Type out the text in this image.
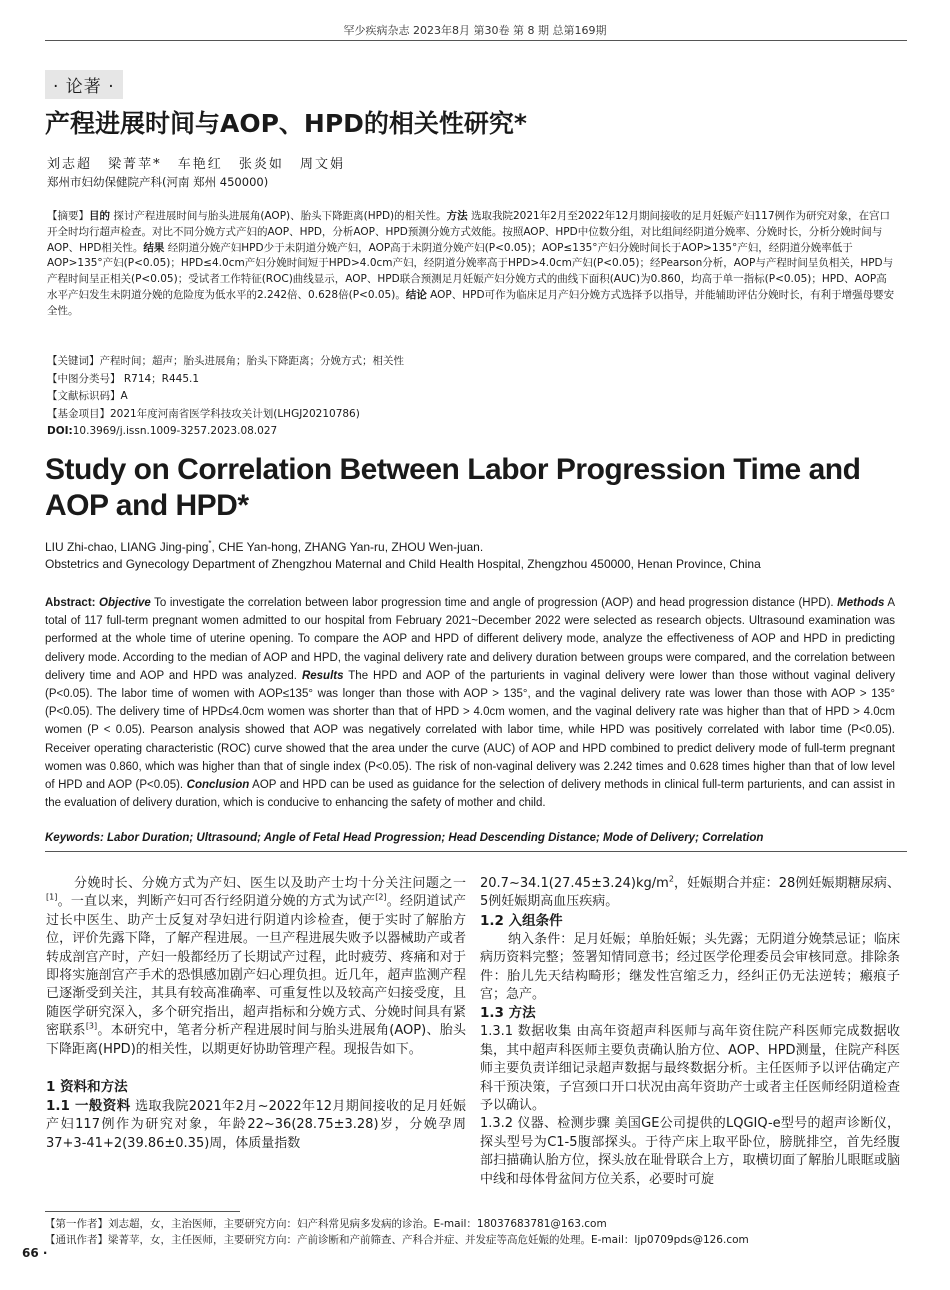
罕少疾病杂志 2023年8月 第30卷 第 8 期 总第169期
· 论著 ·
产程进展时间与AOP、HPD的相关性研究*
刘志超 梁菁苹* 车艳红 张炎如 周文娟
郑州市妇幼保健院产科(河南 郑州 450000)
【摘要】目的 探讨产程进展时间与胎头进展角(AOP)、胎头下降距离(HPD)的相关性。方法 选取我院2021年2月至2022年12月期间接收的足月妊娠产妇117例作为研究对象，在宫口开全时均行超声检查。对比不同分娩方式产妇的AOP、HPD，分析AOP、HPD预测分娩方式效能。按照AOP、HPD中位数分组，对比组间经阴道分娩率、分娩时长，分析分娩时间与AOP、HPD相关性。结果 经阴道分娩产妇HPD少于未阴道分娩产妇，AOP高于未阴道分娩产妇(P<0.05)；AOP≤135°产妇分娩时间长于AOP>135°产妇，经阴道分娩率低于AOP>135°产妇(P<0.05)；HPD≤4.0cm产妇分娩时间短于HPD>4.0cm产妇，经阴道分娩率高于HPD>4.0cm产妇(P<0.05)；经Pearson分析，AOP与产程时间呈负相关，HPD与产程时间呈正相关(P<0.05)；受试者工作特征(ROC)曲线显示，AOP、HPD联合预测足月妊娠产妇分娩方式的曲线下面积(AUC)为0.860，均高于单一指标(P<0.05)；HPD、AOP高水平产妇发生未阴道分娩的危险度为低水平的2.242倍、0.628倍(P<0.05)。结论 AOP、HPD可作为临床足月产妇分娩方式选择予以指导，并能辅助评估分娩时长，有利于增强母婴安全性。
【关键词】产程时间；超声；胎头进展角；胎头下降距离；分娩方式；相关性
【中图分类号】 R714；R445.1
【文献标识码】A
【基金项目】2021年度河南省医学科技攻关计划(LHGJ20210786)
DOI:10.3969/j.issn.1009-3257.2023.08.027
Study on Correlation Between Labor Progression Time and AOP and HPD*
LIU Zhi-chao, LIANG Jing-ping*, CHE Yan-hong, ZHANG Yan-ru, ZHOU Wen-juan.
Obstetrics and Gynecology Department of Zhengzhou Maternal and Child Health Hospital, Zhengzhou 450000, Henan Province, China
Abstract: Objective To investigate the correlation between labor progression time and angle of progression (AOP) and head progression distance (HPD). Methods A total of 117 full-term pregnant women admitted to our hospital from February 2021~December 2022 were selected as research objects. Ultrasound examination was performed at the whole time of uterine opening. To compare the AOP and HPD of different delivery mode, analyze the effectiveness of AOP and HPD in predicting delivery mode. According to the median of AOP and HPD, the vaginal delivery rate and delivery duration between groups were compared, and the correlation between delivery time and AOP and HPD was analyzed. Results The HPD and AOP of the parturients in vaginal delivery were lower than those without vaginal delivery (P<0.05). The labor time of women with AOP≤135° was longer than those with AOP > 135°, and the vaginal delivery rate was lower than those with AOP > 135° (P<0.05). The delivery time of HPD≤4.0cm women was shorter than that of HPD > 4.0cm women, and the vaginal delivery rate was higher than that of HPD > 4.0cm women (P < 0.05). Pearson analysis showed that AOP was negatively correlated with labor time, while HPD was positively correlated with labor time (P<0.05). Receiver operating characteristic (ROC) curve showed that the area under the curve (AUC) of AOP and HPD combined to predict delivery mode of full-term pregnant women was 0.860, which was higher than that of single index (P<0.05). The risk of non-vaginal delivery was 2.242 times and 0.628 times higher than that of low level of HPD and AOP (P<0.05). Conclusion AOP and HPD can be used as guidance for the selection of delivery methods in clinical full-term parturients, and can assist in the evaluation of delivery duration, which is conducive to enhancing the safety of mother and child.
Keywords: Labor Duration; Ultrasound; Angle of Fetal Head Progression; Head Descending Distance; Mode of Delivery; Correlation

分娩时长、分娩方式为产妇、医生以及助产士均十分关注问题之一[1]。一直以来，判断产妇可否行经阴道分娩的方式为试产[2]。经阴道试产过长中医生、助产士反复对孕妇进行阴道内诊检查，便于实时了解胎方位，评价先露下降，了解产程进展。一旦产程进展失败予以器械助产或者转成剖宫产时，产妇一般都经历了长期试产过程，此时疲劳、疼痛和对于即将实施剖宫产手术的恐惧感加剧产妇心理负担。近几年，超声监测产程已逐渐受到关注，其具有较高准确率、可重复性以及较高产妇接受度，且随医学研究深入，多个研究指出，超声指标和分娩方式、分娩时间具有紧密联系[3]。本研究中，笔者分析产程进展时间与胎头进展角(AOP)、胎头下降距离(HPD)的相关性，以期更好协助管理产程。现报告如下。

1 资料和方法

1.1 一般资料 选取我院2021年2月~2022年12月期间接收的足月妊娠产妇117例作为研究对象，年龄22~36(28.75±3.28)岁，分娩孕周37+3-41+2(39.86±0.35)周，体质量指数

$20.7\sim 34.1(27.45\pm 3.24)kg/m^2$，妊娠期合并症：28例妊娠期糖尿病、5例妊娠期高血压疾病。

1.2 入组条件

纳入条件：足月妊娠；单胎妊娠；头先露；无阴道分娩禁忌证；临床病历资料完整；签署知情同意书；经过医学伦理委员会审核同意。排除条件：胎儿先天结构畸形；继发性宫缩乏力，经纠正仍无法逆转；瘢痕子宫；急产。

1.3 方法

1.3.1 数据收集 由高年资超声科医师与高年资住院产科医师完成数据收集，其中超声科医师主要负责确认胎方位、AOP、HPD测量，住院产科医师主要负责详细记录超声数据与最终数据分析。主任医师予以评估确定产科干预决策，子宫颈口开口状况由高年资助产士或者主任医师经阴道检查予以确认。

1.3.2 仪器、检测步骤 美国GE公司提供的LQGIQ-e型号的超声诊断仪，探头型号为C1-5腹部探头。于待产床上取平卧位，膀胱排空，首先经腹部扫描确认胎方位，探头放在耻骨联合上方，取横切面了解胎儿眼眶或脑中线和母体骨盆间方位关系，必要时可旋

【第一作者】刘志超，女，主治医师，主要研究方向：妇产科常见病多发病的诊治。E-mail：18037683781@163.com
【通讯作者】梁菁苹，女，主任医师，主要研究方向：产前诊断和产前筛查、产科合并症、并发症等高危妊娠的处理。E-mail：ljp0709pds@126.com
66 ·
